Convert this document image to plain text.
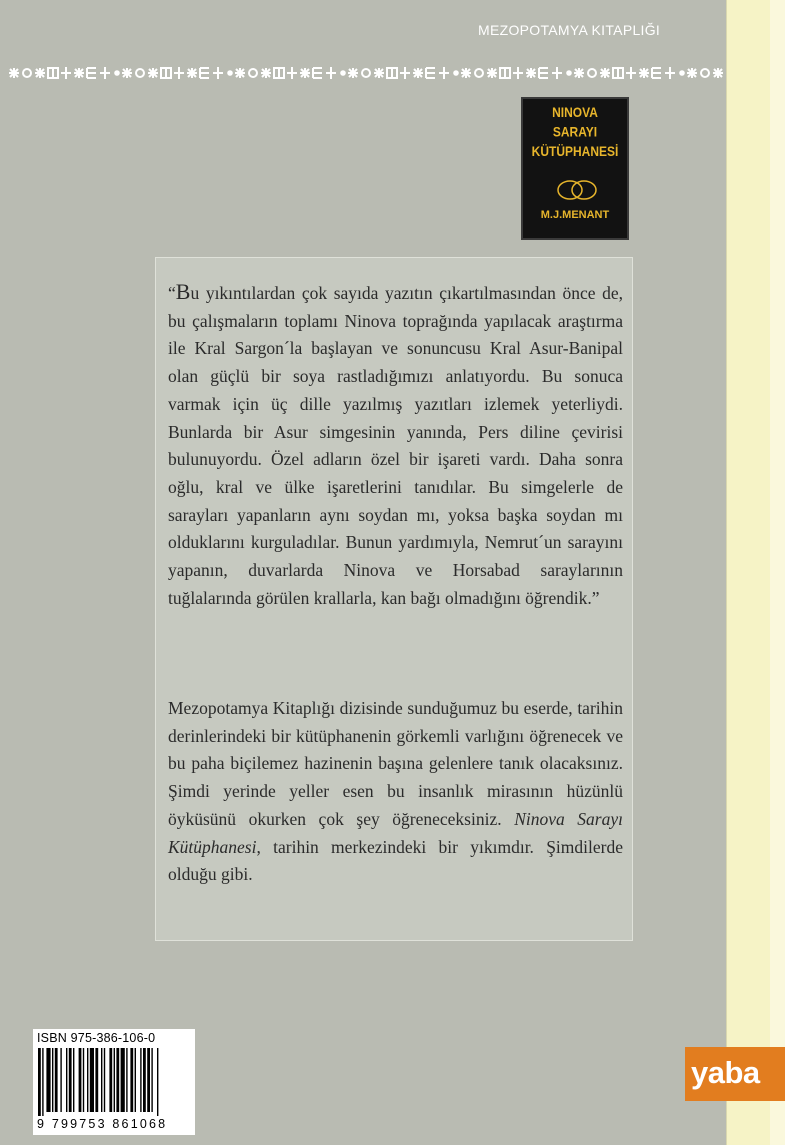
MEZOPOTAMYA KITAPLIĞI
NINOVA
SARAYI
KÜTÜPHANESİ
M.J.MENANT

“Bu yıkıntılardan çok sayıda yazıtın çıkartılmasından önce de, bu çalışmaların toplamı Ninova toprağında yapılacak araştırma ile Kral Sargon´la başlayan ve sonuncusu Kral Asur-Banipal olan güçlü bir soya rastladığımızı anlatıyordu. Bu sonuca varmak için üç dille yazılmış yazıtları izlemek yeterliydi. Bunlarda bir Asur simgesinin yanında, Pers diline çevirisi bulunuyordu. Özel adların özel bir işareti vardı. Daha sonra oğlu, kral ve ülke işaretlerini tanıdılar. Bu simgelerle de sarayları yapanların aynı soydan mı, yoksa başka soydan mı olduklarını kurguladılar. Bunun yardımıyla, Nemrut´un sarayını yapanın, duvarlarda Ninova ve Horsabad saraylarının tuğlalarında görülen krallarla, kan bağı olmadığını öğrendik.”

Mezopotamya Kitaplığı dizisinde sunduğumuz bu eserde, tarihin derinlerindeki bir kütüphanenin görkemli varlığını öğrenecek ve bu paha biçilemez hazinenin başına gelenlere tanık olacaksınız. Şimdi yerinde yeller esen bu insanlık mirasının hüzünlü öyküsünü okurken çok şey öğreneceksiniz. Ninova Sarayı Kütüphanesi, tarihin merkezindeki bir yıkımdır. Şimdilerde olduğu gibi.

ISBN 975-386-106-0
9 799753 861068
yaba
